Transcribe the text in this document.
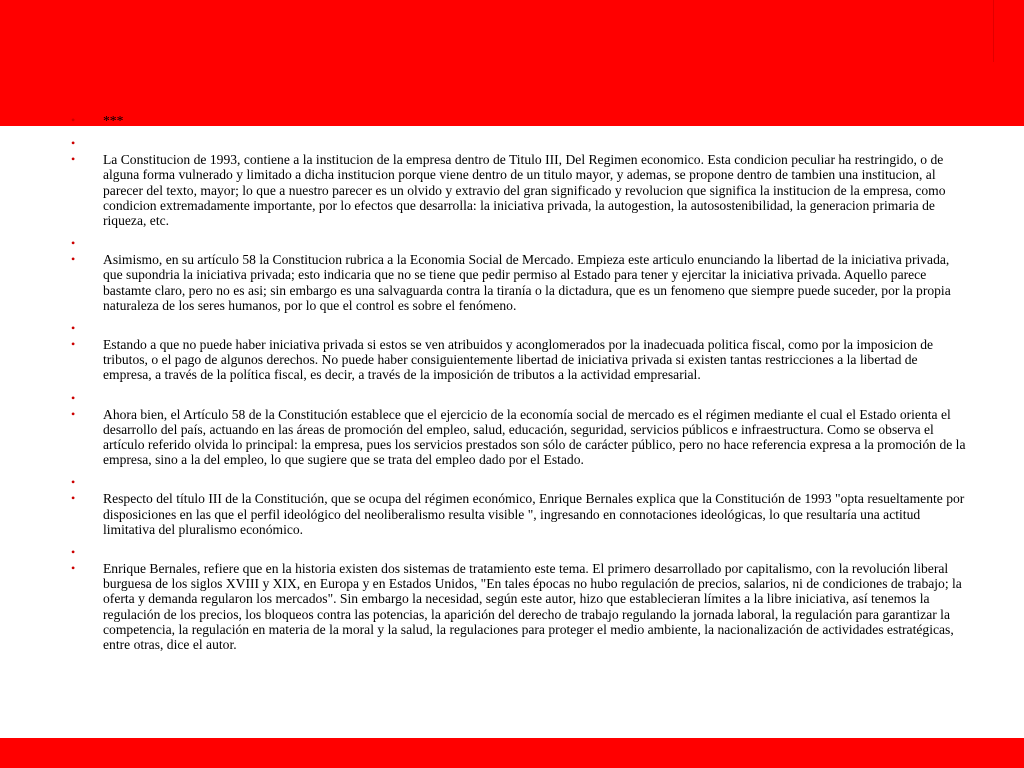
• ***
•
• La Constitucion de 1993, contiene a la institucion de la empresa dentro de Titulo III, Del Regimen economico. Esta condicion peculiar ha restringido, o de alguna forma vulnerado y limitado a dicha institucion porque viene dentro de un titulo mayor, y ademas, se propone dentro de tambien una institucion, al parecer del texto, mayor; lo que a nuestro parecer es un olvido y extravio del gran significado y revolucion que significa la institucion de la empresa, como condicion extremadamente importante, por lo efectos que desarrolla: la iniciativa privada, la autogestion, la autosostenibilidad, la generacion primaria de riqueza, etc.
•
• Asimismo, en su artículo 58 la Constitucion rubrica a la Economia Social de Mercado. Empieza este articulo enunciando la libertad de la iniciativa privada, que supondria la iniciativa privada; esto indicaria que no se tiene que pedir permiso al Estado para tener y ejercitar la iniciativa privada. Aquello parece bastamte claro, pero no es asi; sin embargo es una salvaguarda contra la tiranía o la dictadura, que es un fenomeno que siempre puede suceder, por la propia naturaleza de los seres humanos, por lo que el control es sobre el fenómeno.
•
• Estando a que no puede haber iniciativa privada si estos se ven atribuidos y aconglomerados por la inadecuada politica fiscal, como por la imposicion de tributos, o el pago de algunos derechos. No puede haber consiguientemente libertad de iniciativa privada si existen tantas restricciones a la libertad de empresa, a través de la política fiscal, es decir, a través de la imposición de tributos a la actividad empresarial.
•
• Ahora bien, el Artículo 58 de la Constitución establece que el ejercicio de la economía social de mercado es el régimen mediante el cual el Estado orienta el desarrollo del país, actuando en las áreas de promoción del empleo, salud, educación, seguridad, servicios públicos e infraestructura. Como se observa el artículo referido olvida lo principal: la empresa, pues los servicios prestados son sólo de carácter público, pero no hace referencia expresa a la promoción de la empresa, sino a la del empleo, lo que sugiere que se trata del empleo dado por el Estado.
•
• Respecto del título III de la Constitución, que se ocupa del régimen económico, Enrique Bernales explica que la Constitución de 1993 "opta resueltamente por disposiciones en las que el perfil ideológico del neoliberalismo resulta visible ", ingresando en connotaciones ideológicas, lo que resultaría una actitud limitativa del pluralismo económico.
•
• Enrique Bernales, refiere que en la historia existen dos sistemas de tratamiento este tema. El primero desarrollado por capitalismo, con la revolución liberal burguesa de los siglos XVIII y XIX, en Europa y en Estados Unidos, "En tales épocas no hubo regulación de precios, salarios, ni de condiciones de trabajo; la oferta y demanda regularon los mercados". Sin embargo la necesidad, según este autor, hizo que establecieran límites a la libre iniciativa, así tenemos la regulación de los precios, los bloqueos contra las potencias, la aparición del derecho de trabajo regulando la jornada laboral, la regulación para garantizar la competencia, la regulación en materia de la moral y la salud, la regulaciones para proteger el medio ambiente, la nacionalización de actividades estratégicas, entre otras, dice el autor.
